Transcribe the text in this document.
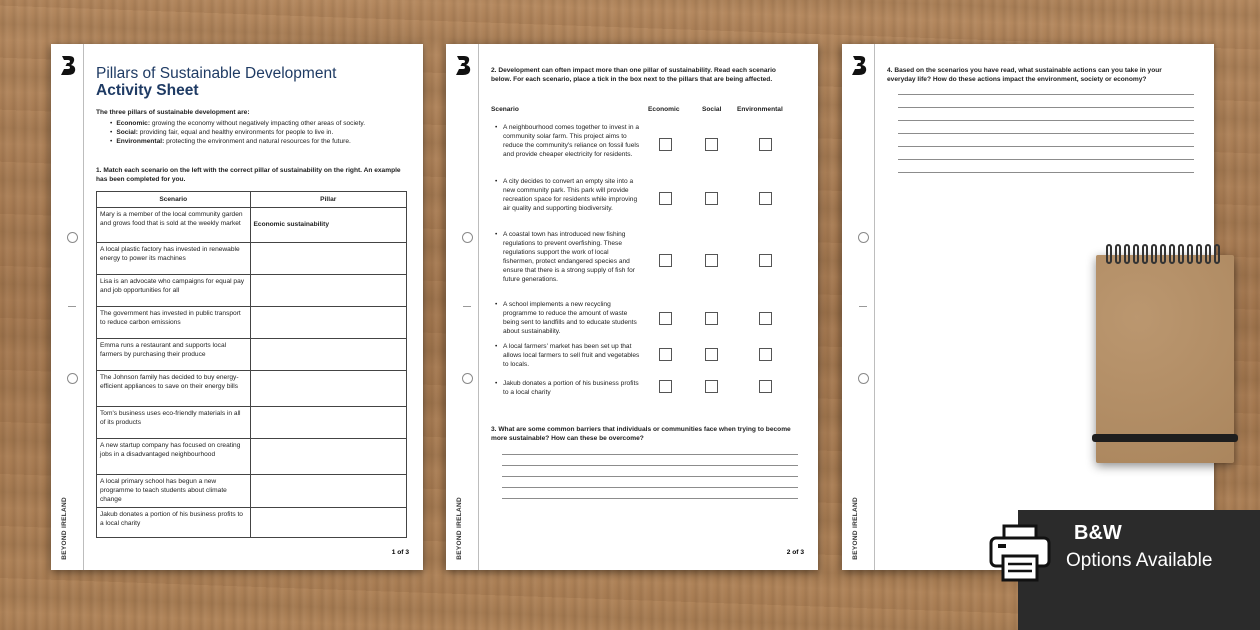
BEYOND IRELAND
Pillars of Sustainable Development
Activity Sheet
The three pillars of sustainable development are:
• Economic: growing the economy without negatively impacting other areas of society.
• Social: providing fair, equal and healthy environments for people to live in.
• Environmental: protecting the environment and natural resources for the future.
1. Match each scenario on the left with the correct pillar of sustainability on the right. An example has been completed for you.
Scenario	Pillar
Mary is a member of the local community garden and grows food that is sold at the weekly market	Economic sustainability
A local plastic factory has invested in renewable energy to power its machines	
Lisa is an advocate who campaigns for equal pay and job opportunities for all	
The government has invested in public transport to reduce carbon emissions	
Emma runs a restaurant and supports local farmers by purchasing their produce	
The Johnson family has decided to buy energy-efficient appliances to save on their energy bills	
Tom's business uses eco-friendly materials in all of its products	
A new startup company has focused on creating jobs in a disadvantaged neighbourhood	
A local primary school has begun a new programme to teach students about climate change	
Jakub donates a portion of his business profits to a local charity	
1 of 3	BEYOND IRELAND
2. Development can often impact more than one pillar of sustainability. Read each scenario below. For each scenario, place a tick in the box next to the pillars that are being affected.
Scenario	Economic	Social Environmental
• A neighbourhood comes together to invest in a community solar farm. This project aims to reduce the community's reliance on fossil fuels and provide cheaper electricity for residents.
• A city decides to convert an empty site into a new community park. This park will provide recreation space for residents while improving air quality and supporting biodiversity.
• A coastal town has introduced new fishing regulations to prevent overfishing. These regulations support the work of local fishermen, protect endangered species and ensure that there is a strong supply of fish for future generations.
• A school implements a new recycling programme to reduce the amount of waste being sent to landfills and to educate students about sustainability.
• A local farmers' market has been set up that allows local farmers to sell fruit and vegetables to locals.
• Jakub donates a portion of his business profits to a local charity
3. What are some common barriers that individuals or communities face when trying to become more sustainable? How can these be overcome?
2 of 3	BEYOND IRELAND
4. Based on the scenarios you have read, what sustainable actions can you take in your everyday life? How do these actions impact the environment, society or economy?
B&W
Options Available
